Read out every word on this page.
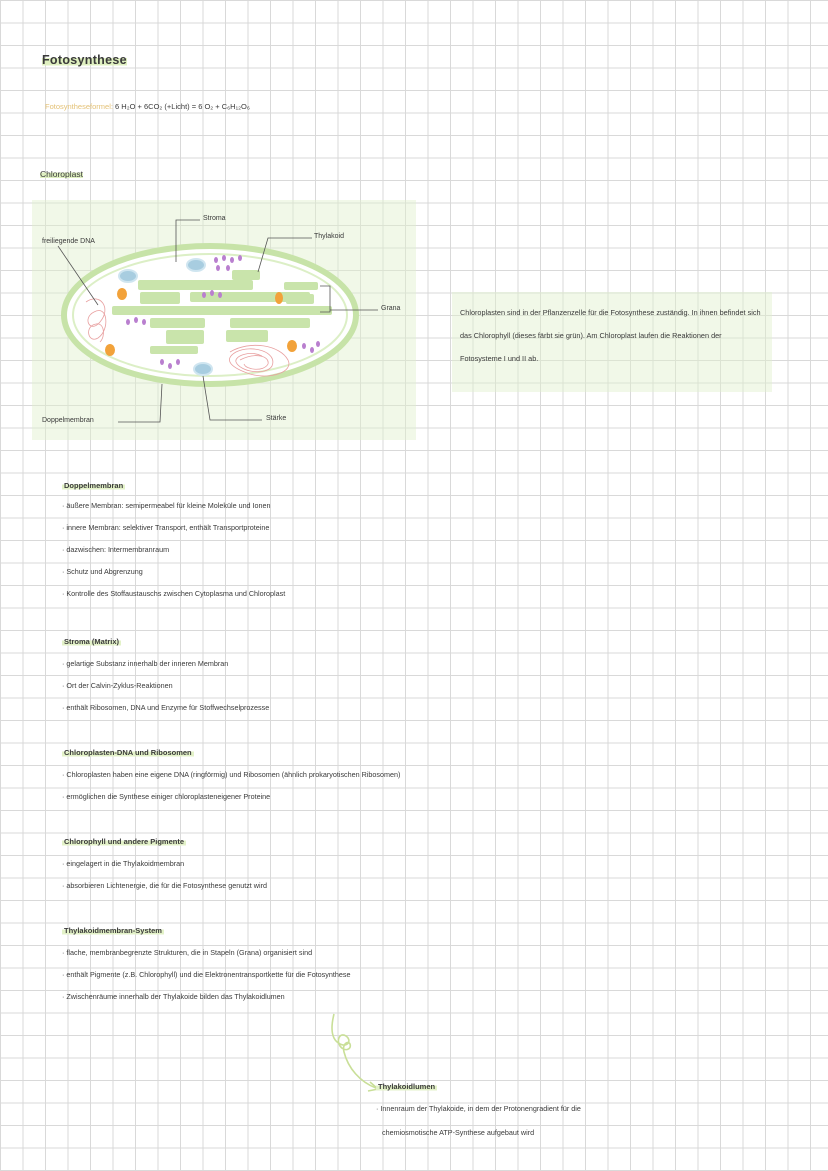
Fotosynthese
Fotosyntheseformel: 6 H₂O + 6CO₂ (+Licht) = 6 O₂ + C₆H₁₂O₆
Chloroplast
Stroma
Thylakoid
freiliegende DNA
Grana
Doppelmembran	Stärke
Chloroplasten sind in der Pflanzenzelle für die Fotosynthese zuständig. In ihnen befindet sich das Chlorophyll (dieses färbt sie grün). Am Chloroplast laufen die Reaktionen der Fotosysteme I und II ab.
Doppelmembran
· äußere Membran: semipermeabel für kleine Moleküle und Ionen
· innere Membran: selektiver Transport, enthält Transportproteine
· dazwischen: Intermembranraum
· Schutz und Abgrenzung
· Kontrolle des Stoffaustauschs zwischen Cytoplasma und Chloroplast
Stroma (Matrix)
· gelartige Substanz innerhalb der inneren Membran
· Ort der Calvin-Zyklus-Reaktionen
· enthält Ribosomen, DNA und Enzyme für Stoffwechselprozesse
Chloroplasten-DNA und Ribosomen
· Chloroplasten haben eine eigene DNA (ringförmig) und Ribosomen (ähnlich prokaryotischen Ribosomen)
· ermöglichen die Synthese einiger chloroplasteneigener Proteine
Chlorophyll und andere Pigmente
· eingelagert in die Thylakoidmembran
· absorbieren Lichtenergie, die für die Fotosynthese genutzt wird
Thylakoidmembran-System
· flache, membranbegrenzte Strukturen, die in Stapeln (Grana) organisiert sind
· enthält Pigmente (z.B. Chlorophyll) und die Elektronentransportkette für die Fotosynthese
· Zwischenräume innerhalb der Thylakoide bilden das Thylakoidlumen
Thylakoidlumen
· Innenraum der Thylakoide, in dem der Protonengradient für die
chemiosmotische ATP-Synthese aufgebaut wird
